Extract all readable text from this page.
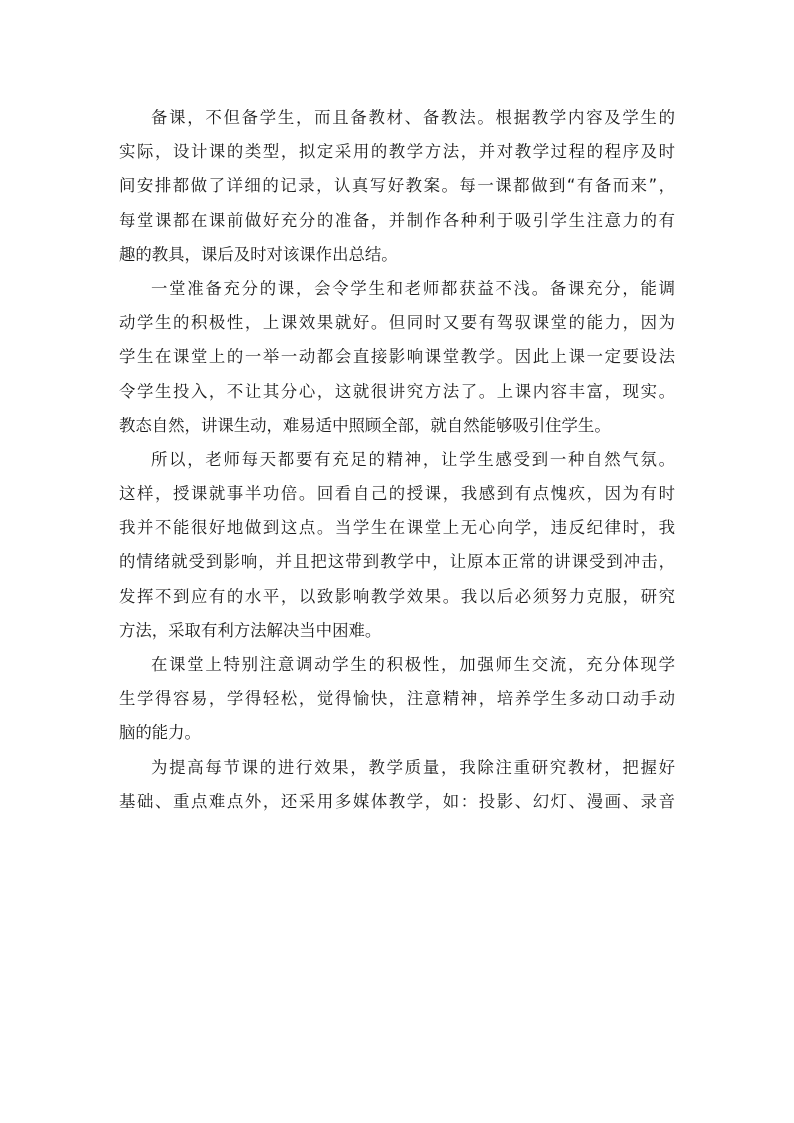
备课，不但备学生，而且备教材、备教法。根据教学内容及学生的
实际，设计课的类型，拟定采用的教学方法，并对教学过程的程序及时
间安排都做了详细的记录，认真写好教案。每一课都做到“有备而来”，
每堂课都在课前做好充分的准备，并制作各种利于吸引学生注意力的有
趣的教具，课后及时对该课作出总结。
一堂准备充分的课，会令学生和老师都获益不浅。备课充分，能调
动学生的积极性，上课效果就好。但同时又要有驾驭课堂的能力，因为
学生在课堂上的一举一动都会直接影响课堂教学。因此上课一定要设法
令学生投入，不让其分心，这就很讲究方法了。上课内容丰富，现实。
教态自然，讲课生动，难易适中照顾全部，就自然能够吸引住学生。
所以，老师每天都要有充足的精神，让学生感受到一种自然气氛。
这样，授课就事半功倍。回看自己的授课，我感到有点愧疚，因为有时
我并不能很好地做到这点。当学生在课堂上无心向学，违反纪律时，我
的情绪就受到影响，并且把这带到教学中，让原本正常的讲课受到冲击，
发挥不到应有的水平，以致影响教学效果。我以后必须努力克服，研究
方法，采取有利方法解决当中困难。
在课堂上特别注意调动学生的积极性，加强师生交流，充分体现学
生学得容易，学得轻松，觉得愉快，注意精神，培养学生多动口动手动
脑的能力。
为提高每节课的进行效果，教学质量，我除注重研究教材，把握好
基础、重点难点外，还采用多媒体教学，如：投影、幻灯、漫画、录音
